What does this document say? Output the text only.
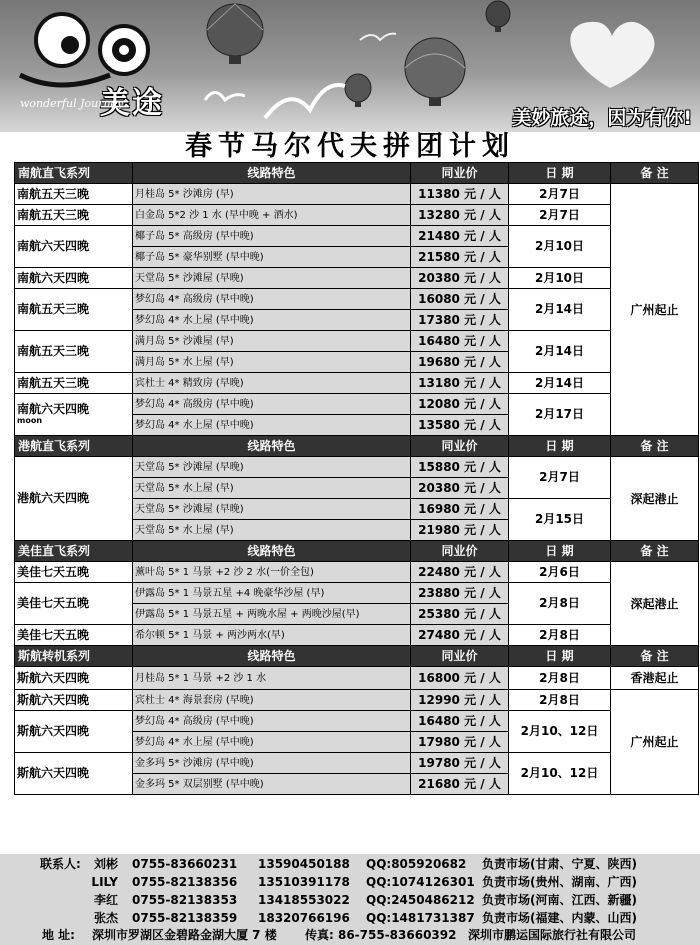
美途
wonderful Journey
美妙旅途，因为有你!
春节马尔代夫拼团计划
南航直飞系列	线路特色	同业价	日 期	备 注
南航五天三晚	月桂岛 5* 沙滩房 (早)	11380 元 / 人	2月7日	广州起止
南航五天三晚	白金岛 5*2 沙 1 水 (早中晚 + 酒水)	13280 元 / 人	2月7日	
南航六天四晚	椰子岛 5* 高级房 (早中晚)	21480 元 / 人	2月10日	
	椰子岛 5* 豪华别墅 (早中晚)	21580 元 / 人		
南航六天四晚	天堂岛 5* 沙滩屋 (早晚)	20380 元 / 人	2月10日	
南航五天三晚	梦幻岛 4* 高级房 (早中晚)	16080 元 / 人	2月14日	
	梦幻岛 4* 水上屋 (早中晚)	17380 元 / 人		
南航五天三晚	满月岛 5* 沙滩屋 (早)	16480 元 / 人	2月14日	
	满月岛 5* 水上屋 (早)	19680 元 / 人		
南航五天三晚	宾杜士 4* 精致房 (早晚)	13180 元 / 人	2月14日	
南航六天四晚
moon	梦幻岛 4* 高级房 (早中晚)	12080 元 / 人	2月17日	
	梦幻岛 4* 水上屋 (早中晚)	13580 元 / 人		
港航直飞系列	线路特色	同业价	日 期	备 注
港航六天四晚	天堂岛 5* 沙滩屋 (早晚)	15880 元 / 人	2月7日	深起港止
	天堂岛 5* 水上屋 (早)	20380 元 / 人		
	天堂岛 5* 沙滩屋 (早晚)	16980 元 / 人	2月15日	
	天堂岛 5* 水上屋 (早)	21980 元 / 人		
美佳直飞系列	线路特色	同业价	日 期	备 注
美佳七天五晚	薰叶岛 5* 1 马景 +2 沙 2 水(一价全包)	22480 元 / 人	2月6日	深起港止
美佳七天五晚	伊露岛 5* 1 马景五星 +4 晚豪华沙屋 (早)	23880 元 / 人	2月8日	
	伊露岛 5* 1 马景五星 + 两晚水屋 + 两晚沙屋(早)	25380 元 / 人		
美佳七天五晚	希尔顿 5* 1 马景 + 两沙两水(早)	27480 元 / 人	2月8日	
斯航转机系列	线路特色	同业价	日 期	备 注
斯航六天四晚	月桂岛 5* 1 马景 +2 沙 1 水	16800 元 / 人	2月8日	香港起止
斯航六天四晚	宾杜士 4* 海景套房 (早晚)	12990 元 / 人	2月8日	广州起止
斯航六天四晚	梦幻岛 4* 高级房 (早中晚)	16480 元 / 人	2月10、12日	
	梦幻岛 4* 水上屋 (早中晚)	17980 元 / 人		
斯航六天四晚	金多玛 5* 沙滩房 (早中晚)	19780 元 / 人	2月10、12日	
	金多玛 5* 双层别墅 (早中晚)	21680 元 / 人		
联系人:	刘彬 0755-83660231 13590450188 QQ:805920682 负责市场(甘肃、宁夏、陕西)
LILY 0755-82138356 13510391178 QQ:1074126301 负责市场(贵州、湖南、广西)
李红 0755-82138353 13418553022 QQ:2450486212 负责市场(河南、江西、新疆)
张杰 0755-82138359 18320766196 QQ:1481731387 负责市场(福建、内蒙、山西)
地 址: 深圳市罗湖区金碧路金湖大厦 7 楼 传真: 86-755-83660392 深圳市鹏运国际旅行社有限公司
